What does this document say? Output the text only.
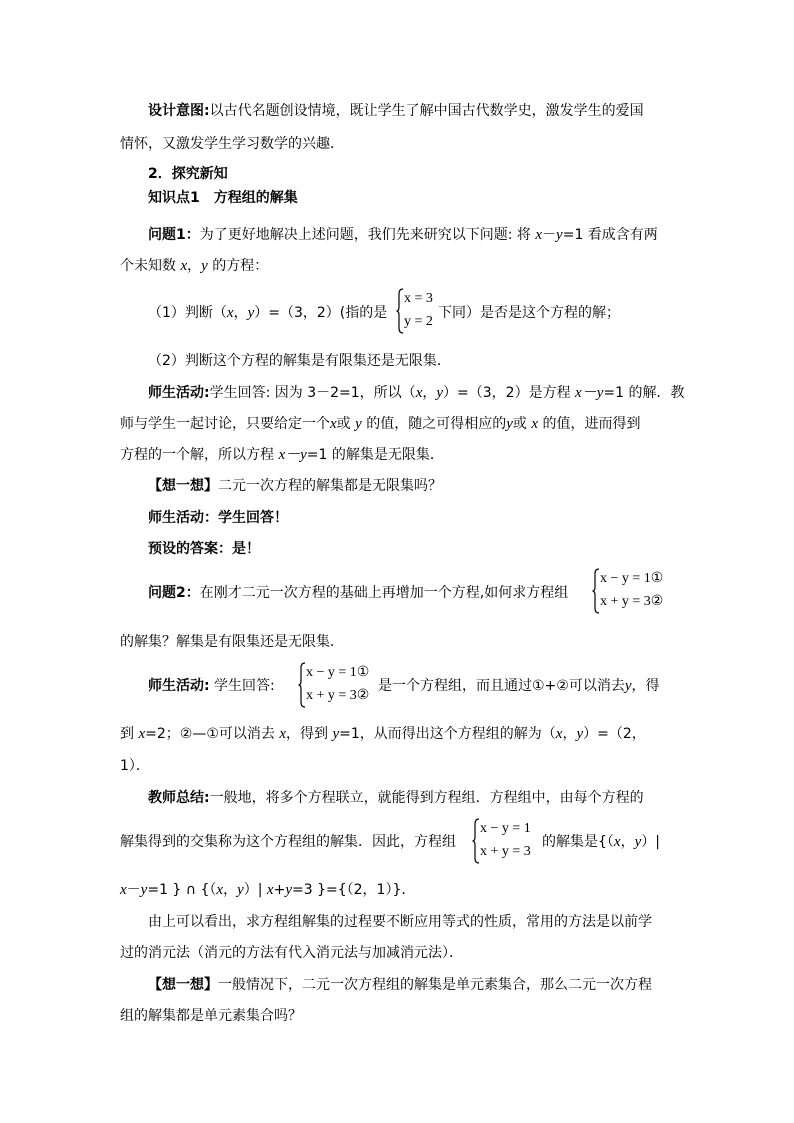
设计意图:以古代名题创设情境，既让学生了解中国古代数学史，激发学生的爱国
情怀，又激发学生学习数学的兴趣．
2．探究新知
知识点1　方程组的解集
问题1：为了更好地解决上述问题，我们先来研究以下问题: 将 x－y=1 看成含有两
个未知数 x，y 的方程：
（1）判断（x，y）=（3，2）(指的是
x = 3
y = 2
下同）是否是这个方程的解；
（2）判断这个方程的解集是有限集还是无限集．
师生活动:学生回答: 因为 3－2=1，所以（x，y）=（3，2）是方程 x－y=1 的解．教
师与学生一起讨论，只要给定一个x或 y 的值，随之可得相应的y或 x 的值，进而得到
方程的一个解，所以方程 x－y=1 的解集是无限集．
【想一想】二元一次方程的解集都是无限集吗？
师生活动：学生回答！
预设的答案：是！
问题2：在刚才二元一次方程的基础上再增加一个方程,如何求方程组
x − y = 1①
x + y = 3②
的解集？解集是有限集还是无限集．
师生活动: 学生回答:
x − y = 1①
x + y = 3②
是一个方程组，而且通过①+②可以消去y，得
到 x=2；②—①可以消去 x，得到 y=1，从而得出这个方程组的解为（x，y）=（2，
1）．
教师总结:一般地，将多个方程联立，就能得到方程组．方程组中，由每个方程的
解集得到的交集称为这个方程组的解集．因此，方程组
x − y = 1
x + y = 3
的解集是{（x，y）|
x－y=1 } ∩ {（x，y）| x+y=3 }={（2，1）}．
由上可以看出，求方程组解集的过程要不断应用等式的性质，常用的方法是以前学
过的消元法（消元的方法有代入消元法与加减消元法）．
【想一想】一般情况下，二元一次方程组的解集是单元素集合，那么二元一次方程
组的解集都是单元素集合吗？
